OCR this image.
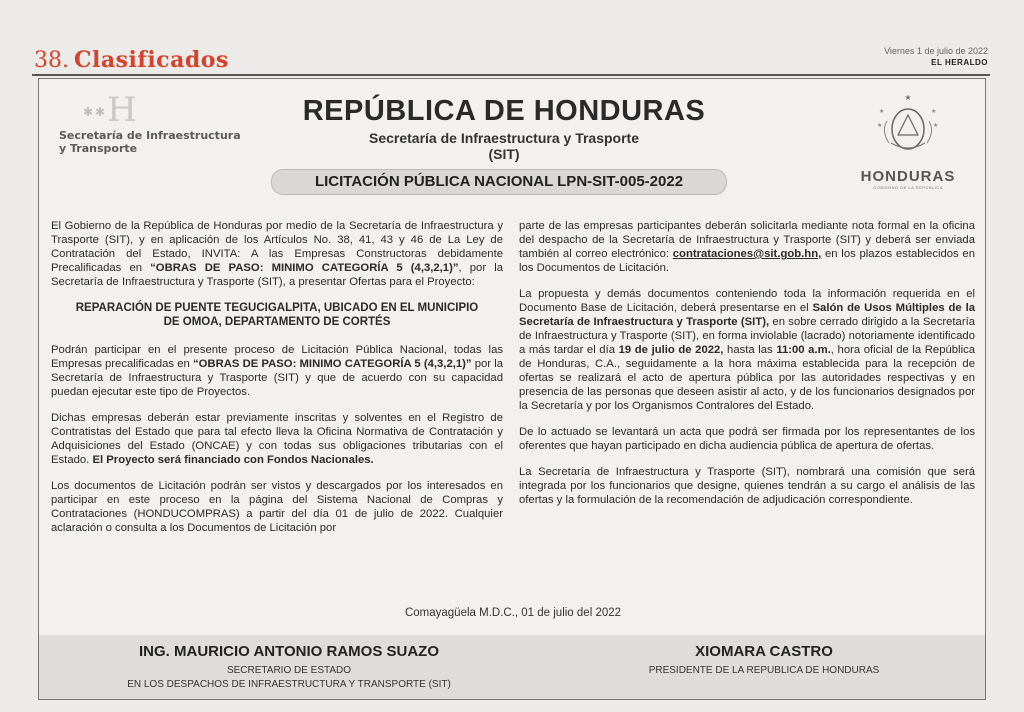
38. Clasificados	Viernes 1 de julio de 2022
EL HERALDO
✱✱H
Secretaría de Infraestructura
y Transporte
REPÚBLICA DE HONDURAS
Secretaría de Infraestructura y Trasporte
(SIT)
LICITACIÓN PÚBLICA NACIONAL LPN-SIT-005-2022
★
★	★
★	★
HONDURAS
GOBIERNO DE LA REPÚBLICA

El Gobierno de la República de Honduras por medio de la Secretaría de Infraestructura y Trasporte (SIT), y en aplicación de los Artículos No. 38, 41, 43 y 46 de La Ley de Contratación del Estado, INVITA: A las Empresas Constructoras debidamente Precalificadas en “OBRAS DE PASO: MINIMO CATEGORÍA 5 (4,3,2,1)”, por la Secretaría de Infraestructura y Trasporte (SIT), a presentar Ofertas para el Proyecto:

REPARACIÓN DE PUENTE TEGUCIGALPITA, UBICADO EN EL MUNICIPIO DE OMOA, DEPARTAMENTO DE CORTÉS

Podrán participar en el presente proceso de Licitación Pública Nacional, todas las Empresas precalificadas en “OBRAS DE PASO: MINIMO CATEGORÍA 5 (4,3,2,1)” por la Secretaría de Infraestructura y Trasporte (SIT) y que de acuerdo con su capacidad puedan ejecutar este tipo de Proyectos.

Dichas empresas deberán estar previamente inscritas y solventes en el Registro de Contratistas del Estado que para tal efecto lleva la Oficina Normativa de Contratación y Adquisiciones del Estado (ONCAE) y con todas sus obligaciones tributarias con el Estado. El Proyecto será financiado con Fondos Nacionales.

Los documentos de Licitación podrán ser vistos y descargados por los interesados en participar en este proceso en la página del Sistema Nacional de Compras y Contrataciones (HONDUCOMPRAS) a partir del día 01 de julio de 2022. Cualquier aclaración o consulta a los Documentos de Licitación por

parte de las empresas participantes deberán solicitarla mediante nota formal en la oficina del despacho de la Secretaría de Infraestructura y Trasporte (SIT) y deberá ser enviada también al correo electrónico: contrataciones@sit.gob.hn, en los plazos establecidos en los Documentos de Licitación.

La propuesta y demás documentos conteniendo toda la información requerida en el Documento Base de Licitación, deberá presentarse en el Salón de Usos Múltiples de la Secretaría de Infraestructura y Trasporte (SIT), en sobre cerrado dirigido a la Secretaría de Infraestructura y Trasporte (SIT), en forma inviolable (lacrado) notoriamente identificado a más tardar el día 19 de julio de 2022, hasta las 11:00 a.m., hora oficial de la República de Honduras, C.A., seguidamente a la hora máxima establecida para la recepción de ofertas se realizará el acto de apertura pública por las autoridades respectivas y en presencia de las personas que deseen asistir al acto, y de los funcionarios designados por la Secretaría y por los Organismos Contralores del Estado.

De lo actuado se levantará un acta que podrá ser firmada por los representantes de los oferentes que hayan participado en dicha audiencia pública de apertura de ofertas.

La Secretaría de Infraestructura y Trasporte (SIT), nombrará una comisión que será integrada por los funcionarios que designe, quienes tendrán a su cargo el análisis de las ofertas y la formulación de la recomendación de adjudicación correspondiente.

Comayagüela M.D.C., 01 de julio del 2022
ING. MAURICIO ANTONIO RAMOS SUAZO
SECRETARIO DE ESTADO
EN LOS DESPACHOS DE INFRAESTRUCTURA Y TRANSPORTE (SIT)
XIOMARA CASTRO
PRESIDENTE DE LA REPUBLICA DE HONDURAS
